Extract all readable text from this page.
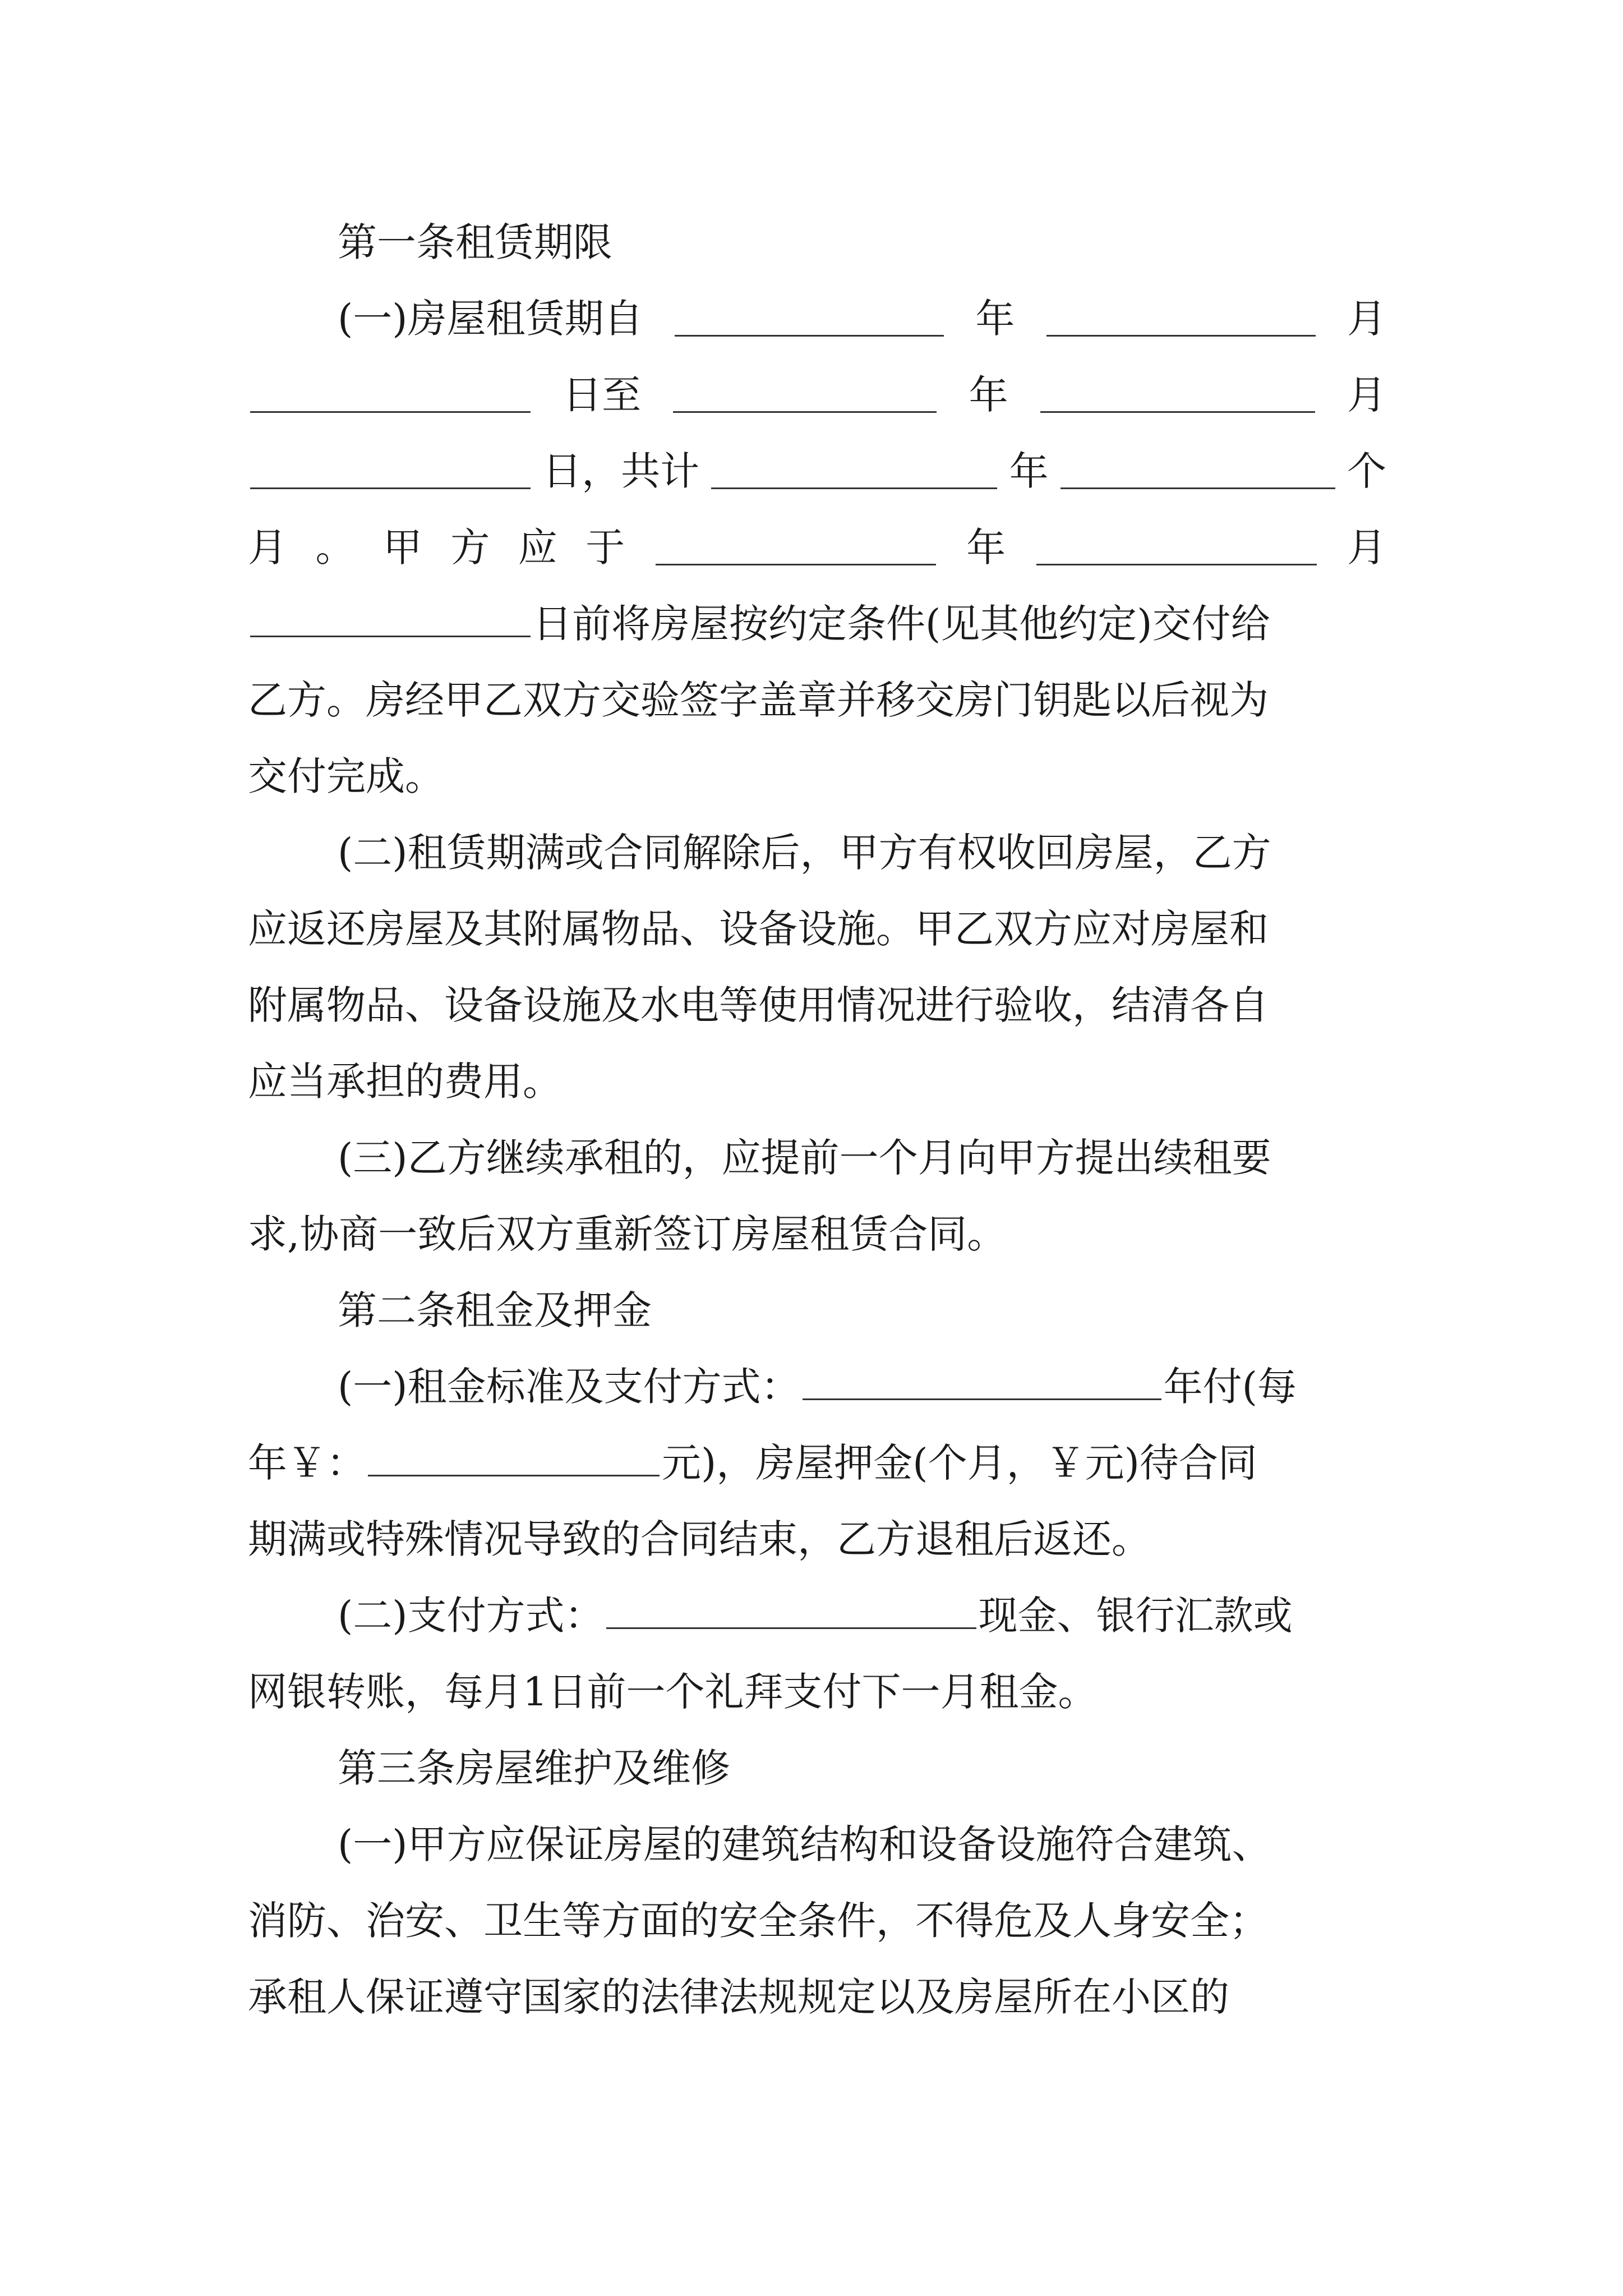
第一条租赁期限
(一)房屋租赁期自	年	月
日至	年	月
日，共计	年	个
月 。 甲 方 应 于	年	月
日前将房屋按约定条件(见其他约定)交付给
乙方。房经甲乙双方交验签字盖章并移交房门钥匙以后视为
交付完成。
(二)租赁期满或合同解除后，甲方有权收回房屋，乙方
应返还房屋及其附属物品、设备设施。甲乙双方应对房屋和
附属物品、设备设施及水电等使用情况进行验收，结清各自
应当承担的费用。
(三)乙方继续承租的，应提前一个月向甲方提出续租要
求,协商一致后双方重新签订房屋租赁合同。
第二条租金及押金
(一)租金标准及支付方式：	年付(每
年￥：	元)，房屋押金(个月，￥元)待合同
期满或特殊情况导致的合同结束，乙方退租后返还。
(二)支付方式：	现金、银行汇款或
网银转账，每月1日前一个礼拜支付下一月租金。
第三条房屋维护及维修
(一)甲方应保证房屋的建筑结构和设备设施符合建筑、
消防、治安、卫生等方面的安全条件，不得危及人身安全；
承租人保证遵守国家的法律法规规定以及房屋所在小区的
